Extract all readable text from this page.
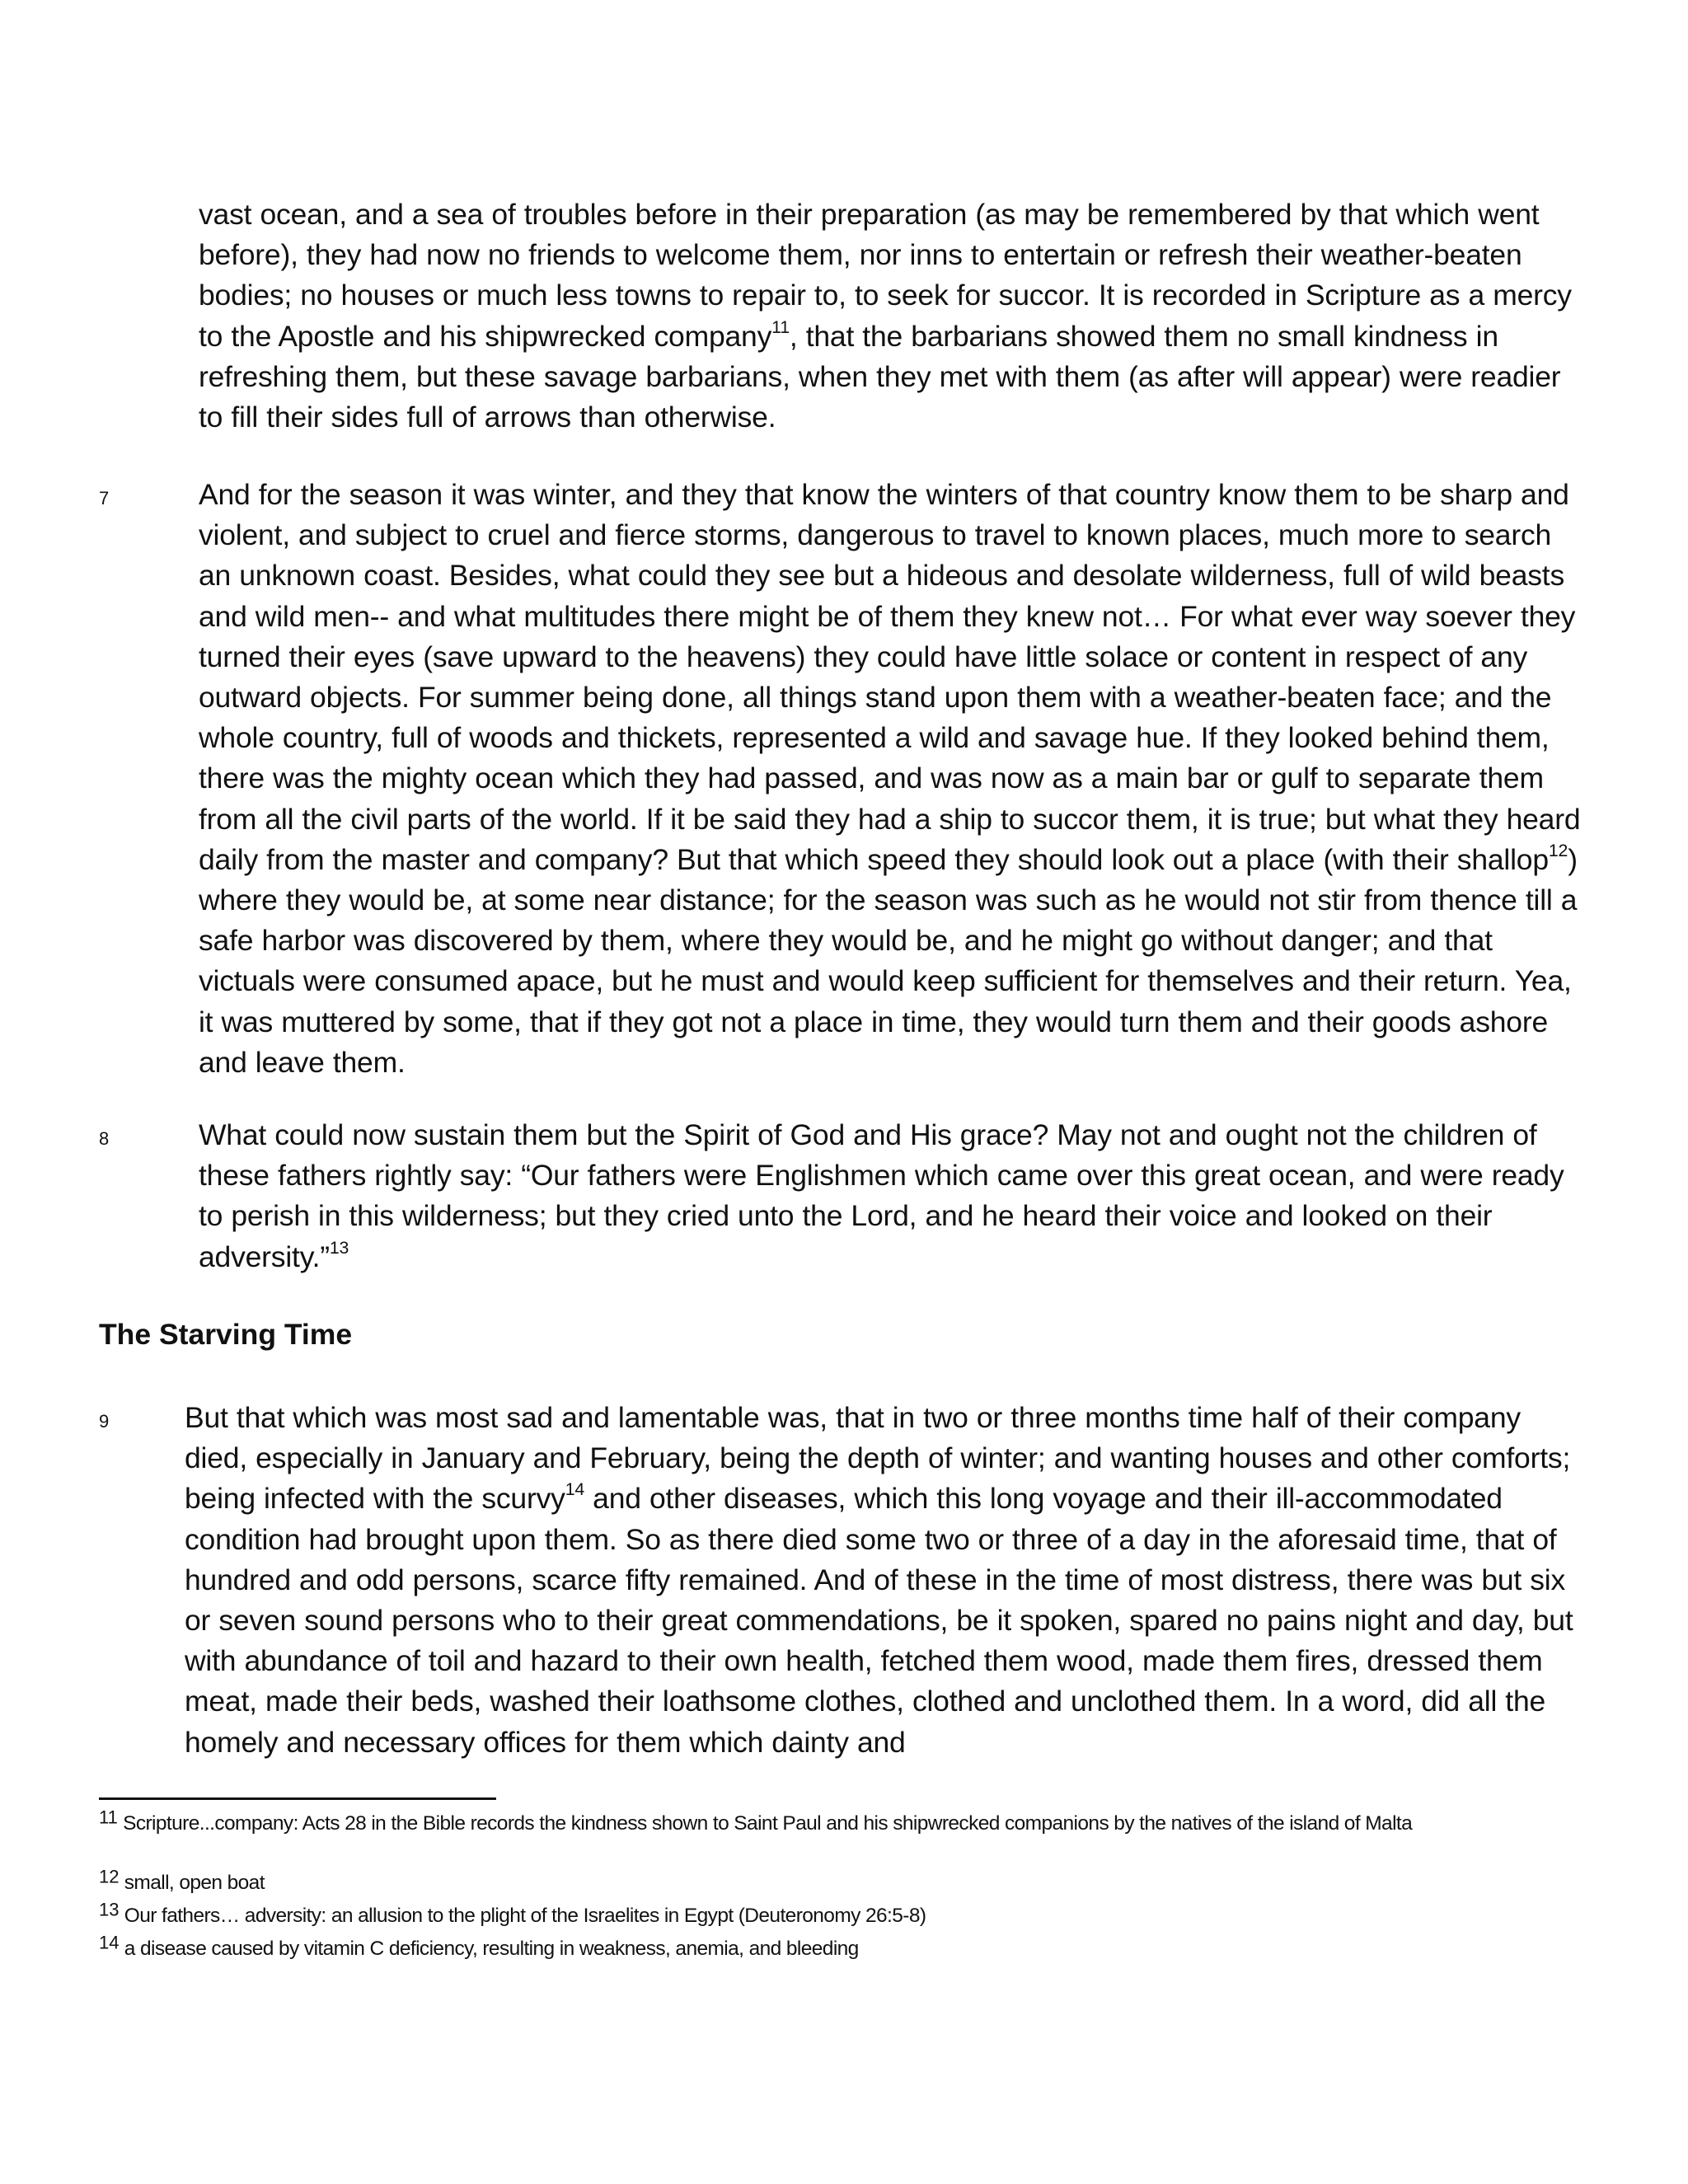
vast ocean, and a sea of troubles before in their preparation (as may be remembered by that which went before), they had now no friends to welcome them, nor inns to entertain or refresh their weather-beaten bodies; no houses or much less towns to repair to, to seek for succor. It is recorded in Scripture as a mercy to the Apostle and his shipwrecked company$^{11}$, that the barbarians showed them no small kindness in refreshing them, but these savage barbarians, when they met with them (as after will appear) were readier to fill their sides full of arrows than otherwise.

7	And for the season it was winter, and they that know the winters of that country know them to be sharp and violent, and subject to cruel and fierce storms, dangerous to travel to known places, much more to search an unknown coast. Besides, what could they see but a hideous and desolate wilderness, full of wild beasts and wild men-- and what multitudes there might be of them they knew not… For what ever way soever they turned their eyes (save upward to the heavens) they could have little solace or content in respect of any outward objects. For summer being done, all things stand upon them with a weather-beaten face; and the whole country, full of woods and thickets, represented a wild and savage hue. If they looked behind them, there was the mighty ocean which they had passed, and was now as a main bar or gulf to separate them from all the civil parts of the world. If it be said they had a ship to succor them, it is true; but what they heard daily from the master and company? But that which speed they should look out a place (with their shallop$^{12}$) where they would be, at some near distance; for the season was such as he would not stir from thence till a safe harbor was discovered by them, where they would be, and he might go without danger; and that victuals were consumed apace, but he must and would keep sufficient for themselves and their return. Yea, it was muttered by some, that if they got not a place in time, they would turn them and their goods ashore and leave them.

8	What could now sustain them but the Spirit of God and His grace? May not and ought not the children of these fathers rightly say: “Our fathers were Englishmen which came over this great ocean, and were ready to perish in this wilderness; but they cried unto the Lord, and he heard their voice and looked on their adversity.”$^{13}$

The Starving Time
9	But that which was most sad and lamentable was, that in two or three months time half of their company died, especially in January and February, being the depth of winter; and wanting houses and other comforts; being infected with the scurvy$^{14}$ and other diseases, which this long voyage and their ill-accommodated condition had brought upon them. So as there died some two or three of a day in the aforesaid time, that of hundred and odd persons, scarce fifty remained. And of these in the time of most distress, there was but six or seven sound persons who to their great commendations, be it spoken, spared no pains night and day, but with abundance of toil and hazard to their own health, fetched them wood, made them fires, dressed them meat, made their beds, washed their loathsome clothes, clothed and unclothed them. In a word, did all the homely and necessary offices for them which dainty and

$^{11}$ Scripture...company: Acts 28 in the Bible records the kindness shown to Saint Paul and his shipwrecked companions by the natives of the island of Malta
$^{12}$ small, open boat
$^{13}$ Our fathers… adversity: an allusion to the plight of the Israelites in Egypt (Deuteronomy 26:5-8)
$^{14}$ a disease caused by vitamin C deficiency, resulting in weakness, anemia, and bleeding
